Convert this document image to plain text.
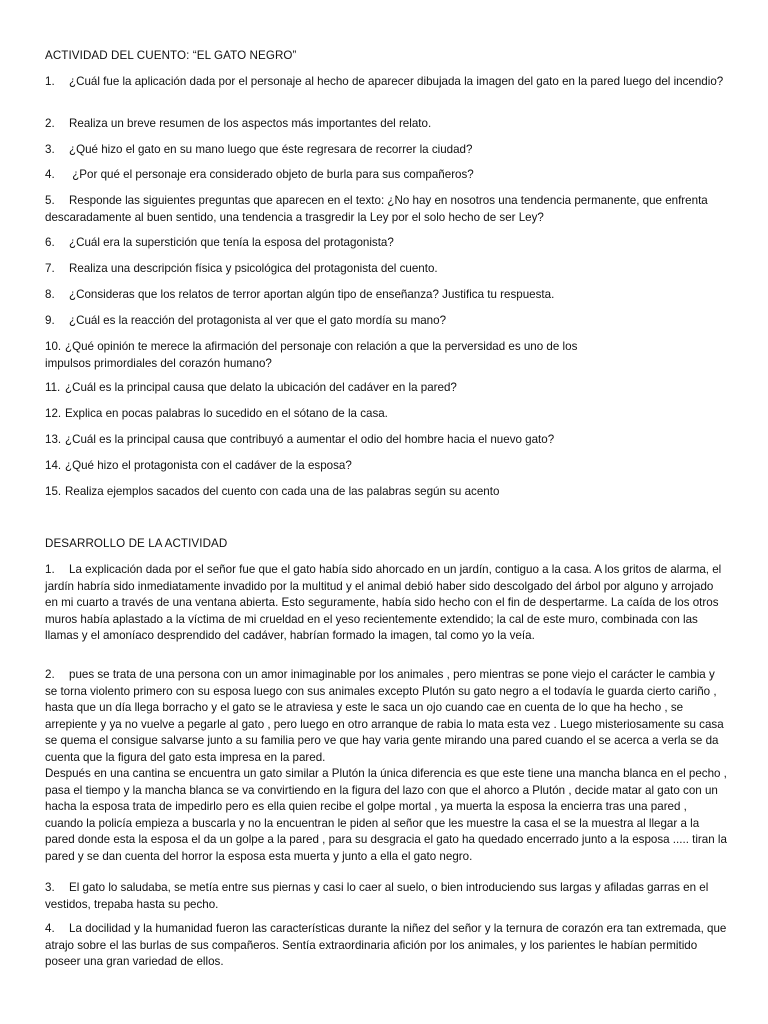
ACTIVIDAD DEL CUENTO: “EL GATO NEGRO”

1. ¿Cuál fue la aplicación dada por el personaje al hecho de aparecer dibujada la imagen del gato en la pared luego del incendio?

2. Realiza un breve resumen de los aspectos más importantes del relato.

3. ¿Qué hizo el gato en su mano luego que éste regresara de recorrer la ciudad?

4. ¿Por qué el personaje era considerado objeto de burla para sus compañeros?

5. Responde las siguientes preguntas que aparecen en el texto: ¿No hay en nosotros una tendencia permanente, que enfrenta descaradamente al buen sentido, una tendencia a trasgredir la Ley por el solo hecho de ser Ley?

6. ¿Cuál era la superstición que tenía la esposa del protagonista?

7. Realiza una descripción física y psicológica del protagonista del cuento.

8. ¿Consideras que los relatos de terror aportan algún tipo de enseñanza? Justifica tu respuesta.

9. ¿Cuál es la reacción del protagonista al ver que el gato mordía su mano?

10. ¿Qué opinión te merece la afirmación del personaje con relación a que la perversidad es uno de los
impulsos primordiales del corazón humano?

11. ¿Cuál es la principal causa que delato la ubicación del cadáver en la pared?

12. Explica en pocas palabras lo sucedido en el sótano de la casa.

13. ¿Cuál es la principal causa que contribuyó a aumentar el odio del hombre hacia el nuevo gato?

14. ¿Qué hizo el protagonista con el cadáver de la esposa?

15. Realiza ejemplos sacados del cuento con cada una de las palabras según su acento

DESARROLLO DE LA ACTIVIDAD

1. La explicación dada por el señor fue que el gato había sido ahorcado en un jardín, contiguo a la casa. A los gritos de alarma, el jardín habría sido inmediatamente invadido por la multitud y el animal debió haber sido descolgado del árbol por alguno y arrojado en mi cuarto a través de una ventana abierta. Esto seguramente, había sido hecho con el fin de despertarme. La caída de los otros muros había aplastado a la víctima de mi crueldad en el yeso recientemente extendido; la cal de este muro, combinada con las llamas y el amoníaco desprendido del cadáver, habrían formado la imagen, tal como yo la veía.

2. pues se trata de una persona con un amor inimaginable por los animales , pero mientras se pone viejo el carácter le cambia y se torna violento primero con su esposa luego con sus animales excepto Plutón su gato negro a el todavía le guarda cierto cariño , hasta que un día llega borracho y el gato se le atraviesa y este le saca un ojo cuando cae en cuenta de lo que ha hecho , se arrepiente y ya no vuelve a pegarle al gato , pero luego en otro arranque de rabia lo mata esta vez . Luego misteriosamente su casa se quema el consigue salvarse junto a su familia pero ve que hay varia gente mirando una pared cuando el se acerca a verla se da cuenta que la figura del gato esta impresa en la pared.
Después en una cantina se encuentra un gato similar a Plutón la única diferencia es que este tiene una mancha blanca en el pecho , pasa el tiempo y la mancha blanca se va convirtiendo en la figura del lazo con que el ahorco a Plutón , decide matar al gato con un hacha la esposa trata de impedirlo pero es ella quien recibe el golpe mortal , ya muerta la esposa la encierra tras una pared , cuando la policía empieza a buscarla y no la encuentran le piden al señor que les muestre la casa el se la muestra al llegar a la pared donde esta la esposa el da un golpe a la pared , para su desgracia el gato ha quedado encerrado junto a la esposa ..... tiran la pared y se dan cuenta del horror la esposa esta muerta y junto a ella el gato negro.

3. El gato lo saludaba, se metía entre sus piernas y casi lo caer al suelo, o bien introduciendo sus largas y afiladas garras en el vestidos, trepaba hasta su pecho.

4. La docilidad y la humanidad fueron las características durante la niñez del señor y la ternura de corazón era tan extremada, que atrajo sobre el las burlas de sus compañeros. Sentía extraordinaria afición por los animales, y los parientes le habían permitido poseer una gran variedad de ellos.
